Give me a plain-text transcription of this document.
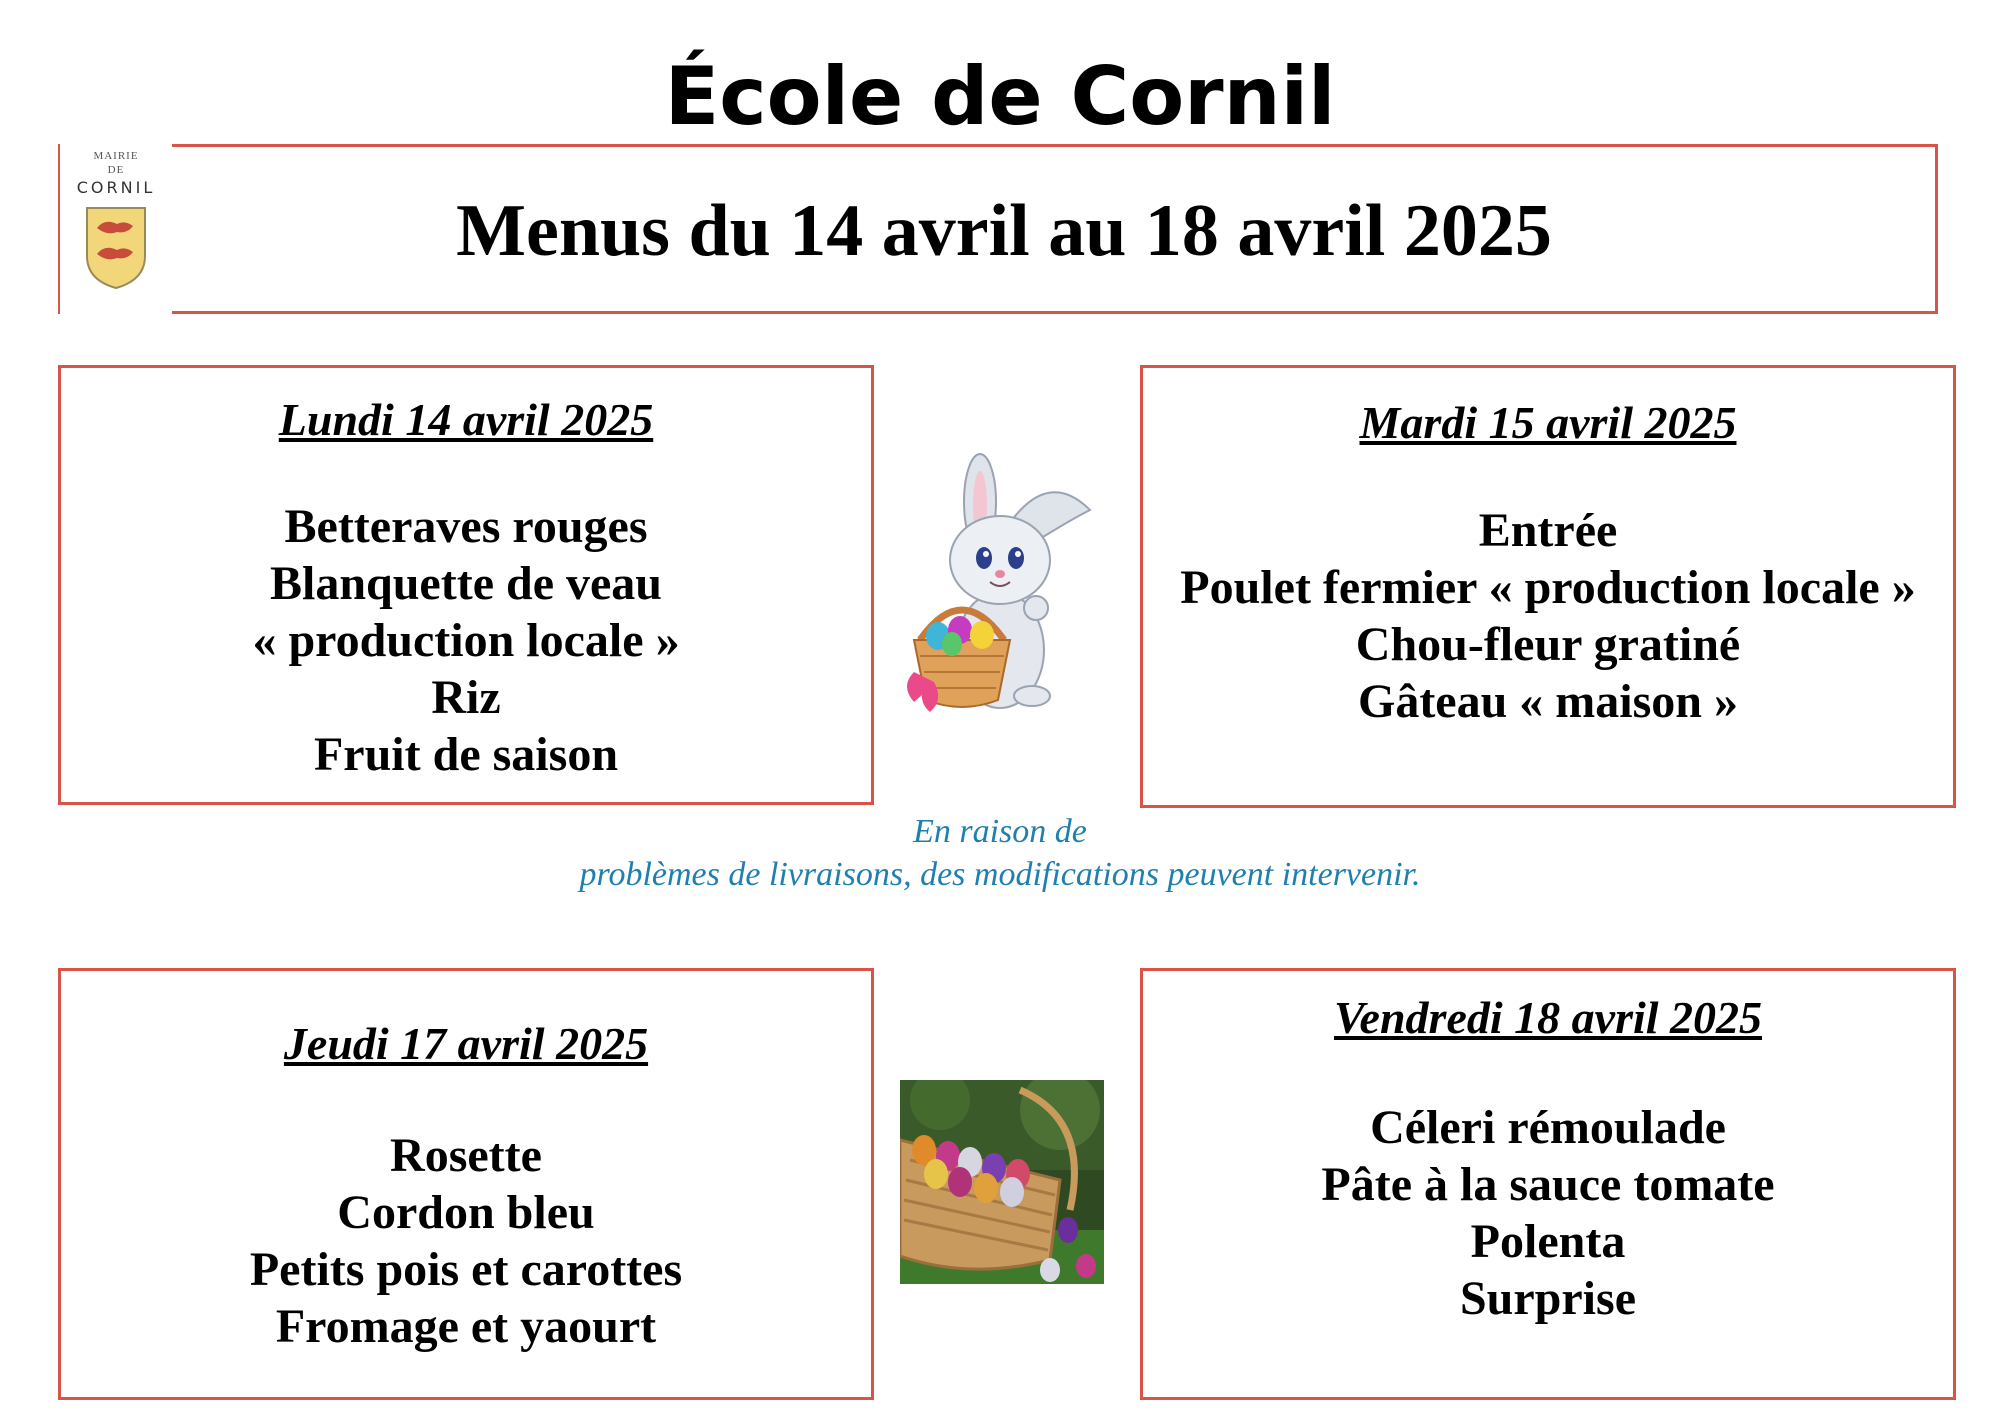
École de Cornil
MAIRIE
DE
CORNIL
Menus du 14 avril au 18 avril 2025
Lundi 14 avril 2025
Betteraves rouges
Blanquette de veau
« production locale »
Riz
Fruit de saison
Mardi 15 avril 2025
Entrée
Poulet fermier « production locale »
Chou-fleur gratiné
Gâteau « maison »
En raison de
problèmes de livraisons, des modifications peuvent intervenir.
Jeudi 17 avril 2025
Rosette
Cordon bleu
Petits pois et carottes
Fromage et yaourt
Vendredi 18 avril 2025
Céleri rémoulade
Pâte à la sauce tomate
Polenta
Surprise
